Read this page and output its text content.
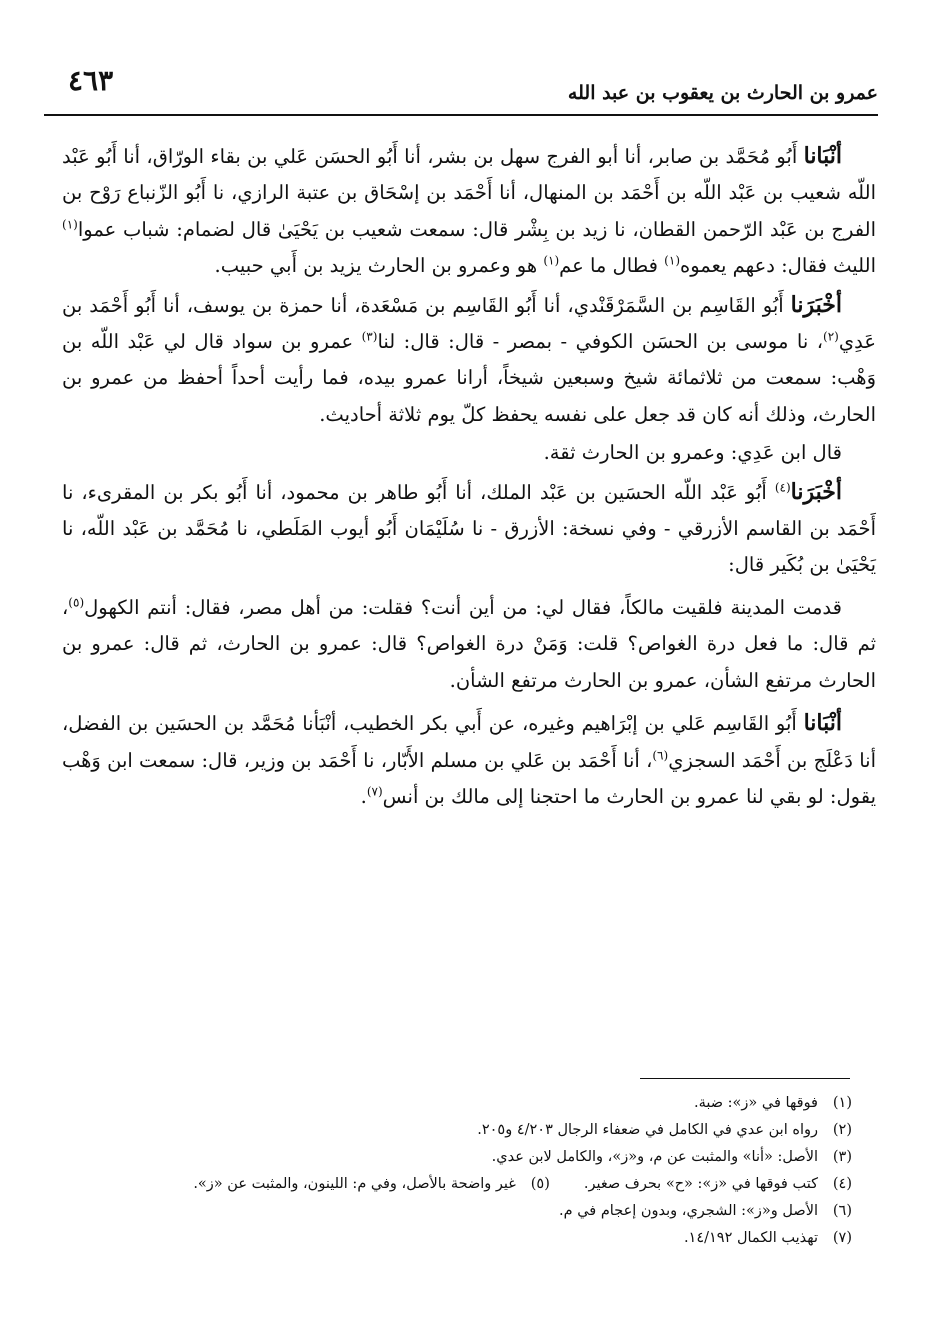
٤٦٣	عمرو بن الحارث بن يعقوب بن عبد الله

أنْبَانا أَبُو مُحَمَّد بن صابر، أنا أبو الفرج سهل بن بشر، أنا أَبُو الحسَن عَلي بن بقاء الورّاق، أنا أَبُو عَبْد اللّه شعيب بن عَبْد اللّه بن أَحْمَد بن المنهال، أنا أَحْمَد بن إسْحَاق بن عتبة الرازي، نا أَبُو الزّنباع رَوْح بن الفرج بن عَبْد الرّحمن القطان، نا زيد بن بِشْر قال: سمعت شعيب بن يَحْيَىٰ قال لضمام: شباب عموا$^{(١)}$ الليث فقال: دعهم يعموه$^{(١)}$ فطال ما عم$^{(١)}$ هو وعمرو بن الحارث يزيد بن أَبي حبيب.

أخْبَرَنا أَبُو القَاسِم بن السَّمَرْقَنْدي، أنا أَبُو القَاسِم بن مَسْعَدة، أنا حمزة بن يوسف، أنا أَبُو أَحْمَد بن عَدِي$^{(٢)}$، نا موسى بن الحسَن الكوفي - بمصر - قال: قال: لنا$^{(٣)}$ عمرو بن سواد قال لي عَبْد اللّه بن وَهْب: سمعت من ثلاثمائة شيخ وسبعين شيخاً، أرانا عمرو بيده، فما رأيت أحداً أحفظ من عمرو بن الحارث، وذلك أنه كان قد جعل على نفسه يحفظ كلّ يوم ثلاثة أحاديث.

قال ابن عَدِي: وعمرو بن الحارث ثقة.

أخْبَرَنا$^{(٤)}$ أَبُو عَبْد اللّه الحسَين بن عَبْد الملك، أنا أَبُو طاهر بن محمود، أنا أَبُو بكر بن المقرىء، نا أَحْمَد بن القاسم الأزرقي - وفي نسخة: الأزرق - نا سُلَيْمَان أَبُو أيوب المَلَطي، نا مُحَمَّد بن عَبْد اللّه، نا يَحْيَىٰ بن بُكَير قال:

قدمت المدينة فلقيت مالكاً، فقال لي: من أين أنت؟ فقلت: من أهل مصر، فقال: أنتم الكهول$^{(٥)}$، ثم قال: ما فعل درة الغواص؟ قلت: وَمَنْ درة الغواص؟ قال: عمرو بن الحارث، ثم قال: عمرو بن الحارث مرتفع الشأن، عمرو بن الحارث مرتفع الشأن.

أنْبَانا أَبُو القَاسِم عَلي بن إبْرَاهيم وغيره، عن أَبي بكر الخطيب، أنْبَأنا مُحَمَّد بن الحسَين بن الفضل، أنا دَعْلَج بن أَحْمَد السجزي$^{(٦)}$، أنا أَحْمَد بن عَلي بن مسلم الأَبّار، نا أَحْمَد بن وزير، قال: سمعت ابن وَهْب يقول: لو بقي لنا عمرو بن الحارث ما احتجنا إلى مالك بن أنس$^{(٧)}$.

(١)فوقها في «ز»: ضبة.
(٢)رواه ابن عدي في الكامل في ضعفاء الرجال ٤/٢٠٣ و٢٠٥.
(٣)الأصل: «أنا» والمثبت عن م، و«ز»، والكامل لابن عدي.
(٤)كتب فوقها في «ز»: «ح» بحرف صغير.
(٥)غير واضحة بالأصل، وفي م: اللينون، والمثبت عن «ز».
(٦)الأصل و«ز»: الشجري، وبدون إعجام في م.
(٧)تهذيب الكمال ١٤/١٩٢.
